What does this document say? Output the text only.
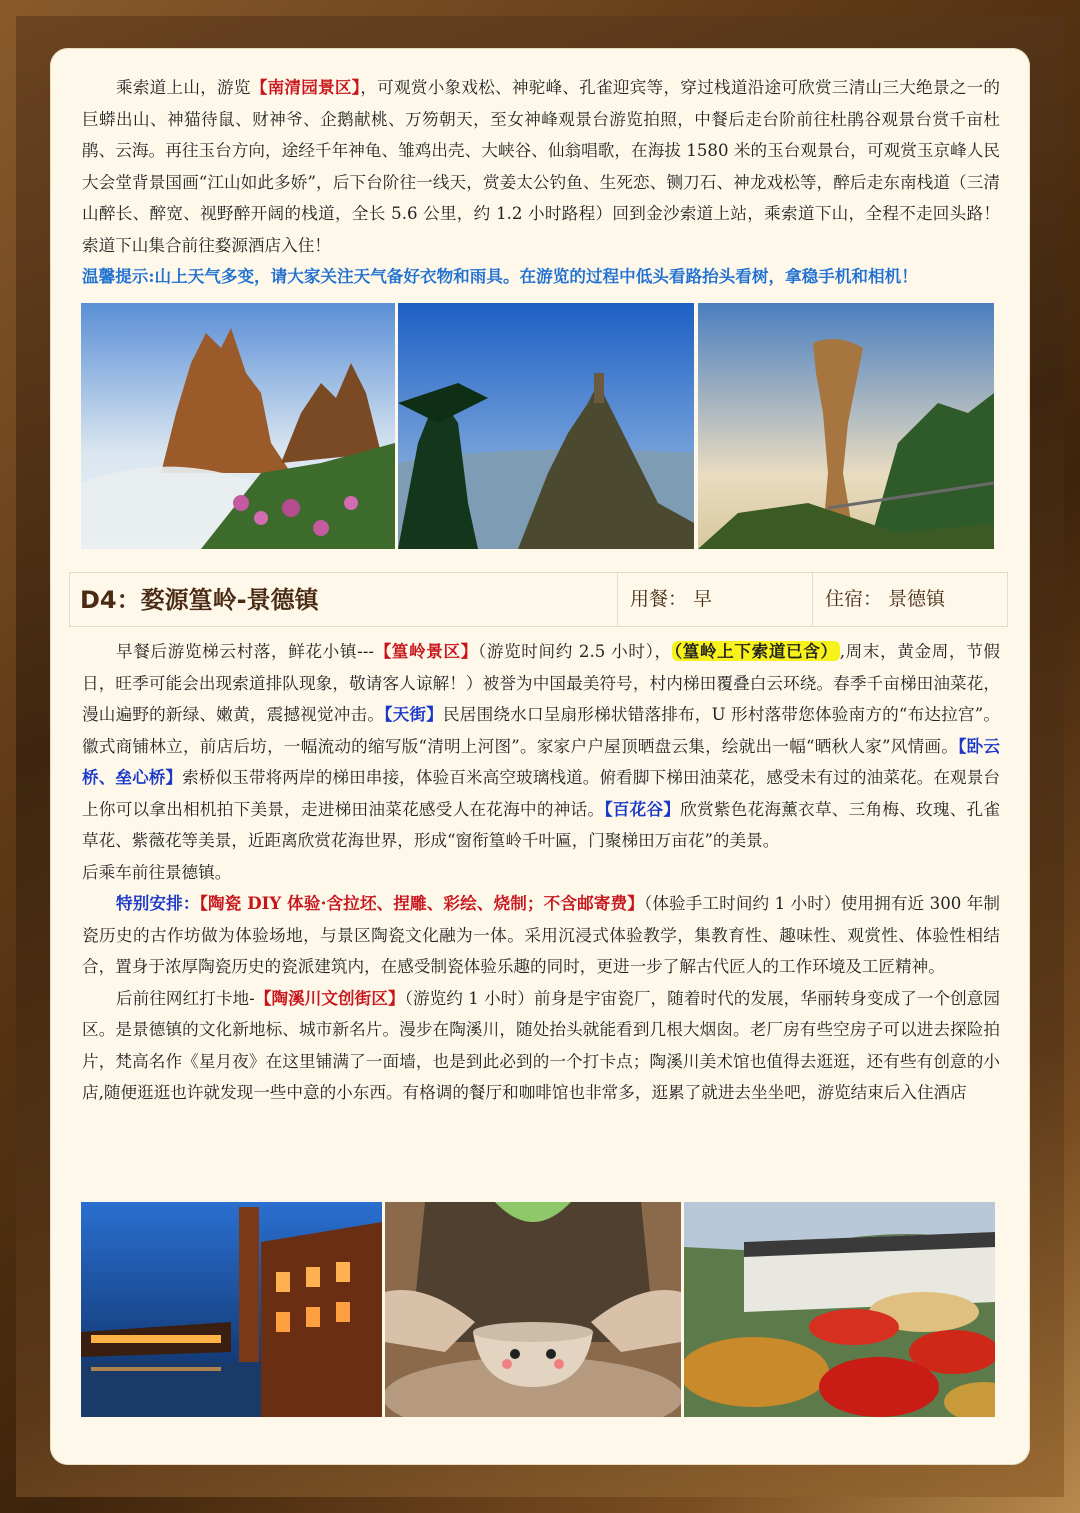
乘索道上山，游览【南清园景区】，可观赏小象戏松、神驼峰、孔雀迎宾等，穿过栈道沿途可欣赏三清山三大绝景之一的巨蟒出山、神猫待鼠、财神爷、企鹅献桃、万笏朝天，至女神峰观景台游览拍照，中餐后走台阶前往杜鹃谷观景台赏千亩杜鹃、云海。再往玉台方向，途经千年神龟、雏鸡出壳、大峡谷、仙翁唱歌，在海拔 1580 米的玉台观景台，可观赏玉京峰人民大会堂背景国画“江山如此多娇”，后下台阶往一线天，赏姜太公钓鱼、生死恋、铡刀石、神龙戏松等，醉后走东南栈道（三清山醉长、醉宽、视野醉开阔的栈道，全长 5.6 公里，约 1.2 小时路程）回到金沙索道上站，乘索道下山，全程不走回头路！索道下山集合前往婺源酒店入住！

温馨提示:山上天气多变，请大家关注天气备好衣物和雨具。在游览的过程中低头看路抬头看树，拿稳手机和相机！

D4：婺源篁岭-景德镇	用餐： 早	住宿： 景德镇

早餐后游览梯云村落，鲜花小镇---【篁岭景区】（游览时间约 2.5 小时）， （篁岭上下索道已含） ,周末，黄金周，节假日，旺季可能会出现索道排队现象，敬请客人谅解！）被誉为中国最美符号，村内梯田覆叠白云环绕。春季千亩梯田油菜花，漫山遍野的新绿、嫩黄，震撼视觉冲击。【天街】民居围绕水口呈扇形梯状错落排布，U 形村落带您体验南方的“布达拉宫”。徽式商铺林立，前店后坊，一幅流动的缩写版“清明上河图”。家家户户屋顶晒盘云集，绘就出一幅“晒秋人家”风情画。【卧云桥、垒心桥】索桥似玉带将两岸的梯田串接，体验百米高空玻璃栈道。俯看脚下梯田油菜花，感受未有过的油菜花。在观景台上你可以拿出相机拍下美景，走进梯田油菜花感受人在花海中的神话。【百花谷】欣赏紫色花海薰衣草、三角梅、玫瑰、孔雀草花、紫薇花等美景，近距离欣赏花海世界，形成“窗衔篁岭千叶匾，门聚梯田万亩花”的美景。

后乘车前往景德镇。

特别安排：【陶瓷 DIY 体验·含拉坯、捏雕、彩绘、烧制；不含邮寄费】（体验手工时间约 1 小时）使用拥有近 300 年制瓷历史的古作坊做为体验场地，与景区陶瓷文化融为一体。采用沉浸式体验教学，集教育性、趣味性、观赏性、体验性相结合，置身于浓厚陶瓷历史的瓷派建筑内，在感受制瓷体验乐趣的同时，更进一步了解古代匠人的工作环境及工匠精神。

后前往网红打卡地-【陶溪川文创街区】（游览约 1 小时）前身是宇宙瓷厂，随着时代的发展，华丽转身变成了一个创意园区。是景德镇的文化新地标、城市新名片。漫步在陶溪川，随处抬头就能看到几根大烟囱。老厂房有些空房子可以进去探险拍片，梵高名作《星月夜》在这里铺满了一面墙，也是到此必到的一个打卡点；陶溪川美术馆也值得去逛逛，还有些有创意的小店,随便逛逛也许就发现一些中意的小东西。有格调的餐厅和咖啡馆也非常多，逛累了就进去坐坐吧，游览结束后入住酒店
